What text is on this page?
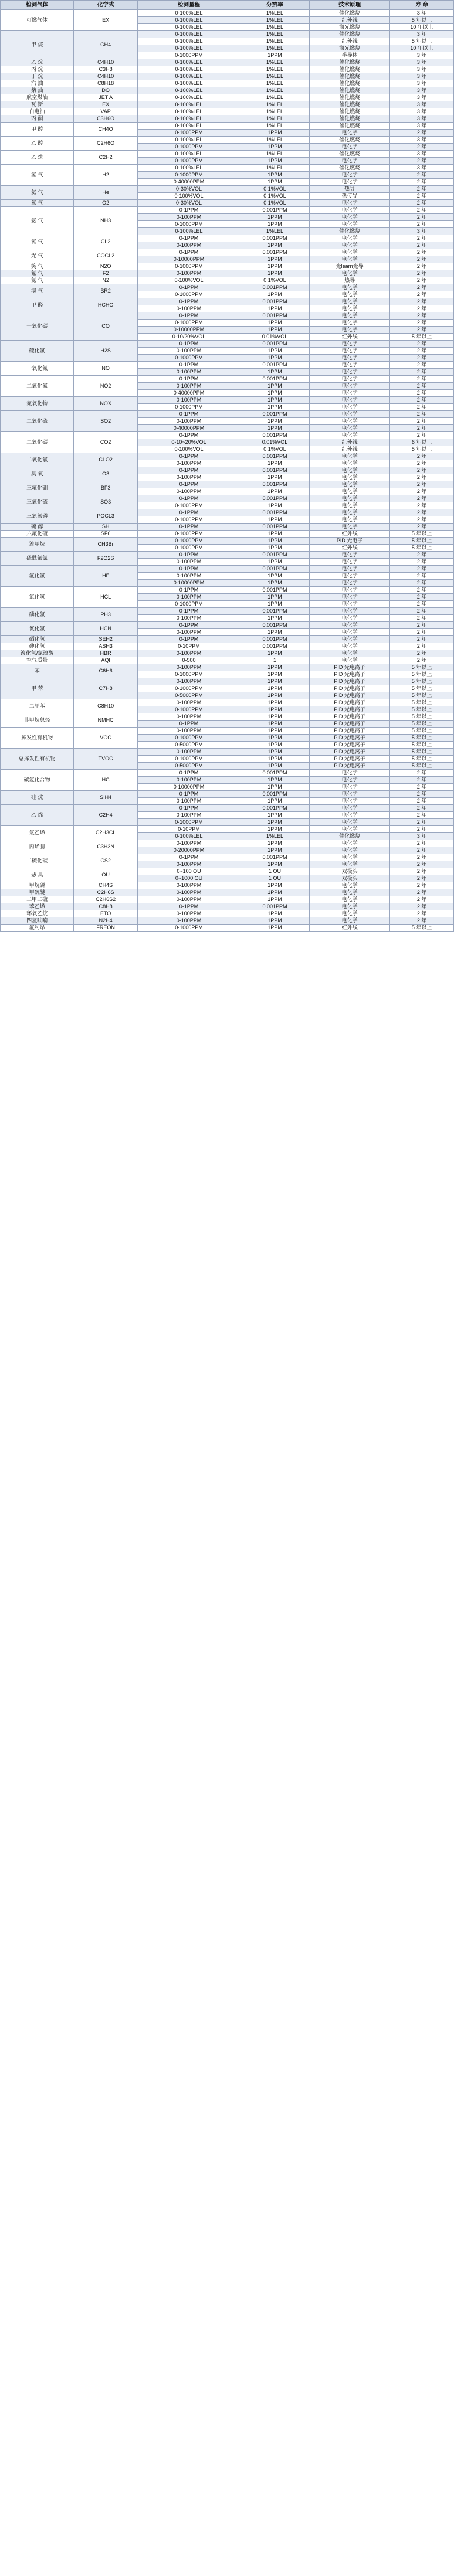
检测气体	化学式	检测量程	分辨率	技术原理	寿 命
可燃气体	EX	0-100%LEL	1%LEL	催化燃烧	3 年
		0-100%LEL	1%LEL	红外线	5 年以上
		0-100%LEL	1%LEL	激光燃烧	10 年以上
甲 烷	CH4	0-100%LEL	1%LEL	催化燃烧	3 年
		0-100%LEL	1%LEL	红外线	5 年以上
		0-100%LEL	1%LEL	激光燃烧	10 年以上
		0-1000PPM	1PPM	半导体	3 年
乙 烷	C4H10	0-100%LEL	1%LEL	催化燃烧	3 年
丙 烷	C3H8	0-100%LEL	1%LEL	催化燃烧	3 年
丁 烷	C4H10	0-100%LEL	1%LEL	催化燃烧	3 年
汽 油	C8H18	0-100%LEL	1%LEL	催化燃烧	3 年
柴 油	DO	0-100%LEL	1%LEL	催化燃烧	3 年
航空煤油	JET A	0-100%LEL	1%LEL	催化燃烧	3 年
瓦 斯	EX	0-100%LEL	1%LEL	催化燃烧	3 年
白电油	VAP	0-100%LEL	1%LEL	催化燃烧	3 年
丙 酮	C3H6O	0-100%LEL	1%LEL	催化燃烧	3 年
甲 醇	CH4O	0-100%LEL	1%LEL	催化燃烧	3 年
		0-1000PPM	1PPM	电化学	2 年
乙 醇	C2H6O	0-100%LEL	1%LEL	催化燃烧	3 年
		0-1000PPM	1PPM	电化学	2 年
乙 炔	C2H2	0-100%LEL	1%LEL	催化燃烧	3 年
		0-1000PPM	1PPM	电化学	2 年
氢 气	H2	0-100%LEL	1%LEL	催化燃烧	3 年
		0-1000PPM	1PPM	电化学	2 年
		0-40000PPM	1PPM	电化学	2 年
氦 气	He	0-30%VOL	0.1%VOL	热导	2 年
		0-100%VOL	0.1%VOL	热传导	2 年
氧 气	O2	0-30%VOL	0.1%VOL	电化学	2 年
氨 气	NH3	0-1PPM	0.001PPM	电化学	2 年
		0-100PPM	1PPM	电化学	2 年
		0-1000PPM	1PPM	电化学	2 年
		0-100%LEL	1%LEL	催化燃烧	3 年
氯 气	CL2	0-1PPM	0.001PPM	电化学	2 年
		0-100PPM	1PPM	电化学	2 年
光 气	COCL2	0-1PPM	0.001PPM	电化学	2 年
		0-10000PPM	1PPM	电化学	2 年
笑 气	N2O	0-1000PPM	1PPM	光learn光导	2 年
氟 气	F2	0-100PPM	1PPM	电化学	2 年
氮 气	N2	0-100%VOL	0.1%VOL	热导	2 年
溴 气	BR2	0-1PPM	0.001PPM	电化学	2 年
		0-1000PPM	1PPM	电化学	2 年
甲 醛	HCHO	0-1PPM	0.001PPM	电化学	2 年
		0-100PPM	1PPM	电化学	2 年
一氧化碳	CO	0-1PPM	0.001PPM	电化学	2 年
		0-1000PPM	1PPM	电化学	2 年
		0-10000PPM	1PPM	电化学	2 年
		0-10/20%VOL	0.01%VOL	红外线	5 年以上
硫化氢	H2S	0-1PPM	0.001PPM	电化学	2 年
		0-100PPM	1PPM	电化学	2 年
		0-1000PPM	1PPM	电化学	2 年
一氧化氮	NO	0-1PPM	0.001PPM	电化学	2 年
		0-100PPM	1PPM	电化学	2 年
二氧化氮	NO2	0-1PPM	0.001PPM	电化学	2 年
		0-100PPM	1PPM	电化学	2 年
		0-40000PPM	1PPM	电化学	2 年
氮氧化物	NOX	0-100PPM	1PPM	电化学	2 年
		0-1000PPM	1PPM	电化学	2 年
二氧化硫	SO2	0-1PPM	0.001PPM	电化学	2 年
		0-100PPM	1PPM	电化学	2 年
		0-40000PPM	1PPM	电化学	2 年
二氧化碳	CO2	0-1PPM	0.001PPM	电化学	2 年
		0-10~20%VOL	0.01%VOL	红外线	6 年以上
		0-100%VOL	0.1%VOL	红外线	5 年以上
二氧化氯	CLO2	0-1PPM	0.001PPM	电化学	2 年
		0-100PPM	1PPM	电化学	2 年
臭 氧	O3	0-1PPM	0.001PPM	电化学	2 年
		0-100PPM	1PPM	电化学	2 年
三氟化硼	BF3	0-1PPM	0.001PPM	电化学	2 年
		0-100PPM	1PPM	电化学	2 年
三氧化硫	SO3	0-1PPM	0.001PPM	电化学	2 年
		0-1000PPM	1PPM	电化学	2 年
三氯氧磷	POCL3	0-1PPM	0.001PPM	电化学	2 年
		0-1000PPM	1PPM	电化学	2 年
硫 醇	SH	0-1PPM	0.001PPM	电化学	2 年
六氟化硫	SF6	0-1000PPM	1PPM	红外线	5 年以上
溴甲烷	CH3Br	0-1000PPM	1PPM	PID 光电子	5 年以上
		0-1000PPM	1PPM	红外线	5 年以上
硫酰氟氯	F2O2S	0-1PPM	0.001PPM	电化学	2 年
		0-100PPM	1PPM	电化学	2 年
氟化氢	HF	0-1PPM	0.001PPM	电化学	2 年
		0-100PPM	1PPM	电化学	2 年
		0-10000PPM	1PPM	电化学	2 年
氯化氢	HCL	0-1PPM	0.001PPM	电化学	2 年
		0-100PPM	1PPM	电化学	2 年
		0-1000PPM	1PPM	电化学	2 年
磷化氢	PH3	0-1PPM	0.001PPM	电化学	2 年
		0-100PPM	1PPM	电化学	2 年
氰化氢	HCN	0-1PPM	0.001PPM	电化学	2 年
		0-100PPM	1PPM	电化学	2 年
硒化氢	SEH2	0-1PPM	0.001PPM	电化学	2 年
砷化氢	ASH3	0-10PPM	0.001PPM	电化学	2 年
溴化氢/氯溴酸	HBR	0-100PPM	1PPM	电化学	2 年
空气质量	AQI	0-500	1	电化学	2 年
苯	C6H6	0-100PPM	1PPM	PID 光电离子	5 年以上
		0-1000PPM	1PPM	PID 光电离子	5 年以上
甲 苯	C7H8	0-100PPM	1PPM	PID 光电离子	5 年以上
		0-1000PPM	1PPM	PID 光电离子	5 年以上
		0-5000PPM	1PPM	PID 光电离子	5 年以上
二甲苯	C8H10	0-100PPM	1PPM	PID 光电离子	5 年以上
		0-1000PPM	1PPM	PID 光电离子	5 年以上
非甲烷总烃	NMHC	0-100PPM	1PPM	PID 光电离子	5 年以上
		0-1PPM	1PPM	PID 光电离子	5 年以上
挥发性有机物	VOC	0-100PPM	1PPM	PID 光电离子	5 年以上
		0-1000PPM	1PPM	PID 光电离子	5 年以上
		0-5000PPM	1PPM	PID 光电离子	5 年以上
总挥发性有机物	TVOC	0-100PPM	1PPM	PID 光电离子	5 年以上
		0-1000PPM	1PPM	PID 光电离子	5 年以上
		0-5000PPM	1PPM	PID 光电离子	5 年以上
碳氢化合物	HC	0-1PPM	0.001PPM	电化学	2 年
		0-100PPM	1PPM	电化学	2 年
		0-10000PPM	1PPM	电化学	2 年
硅 烷	SIH4	0-1PPM	0.001PPM	电化学	2 年
		0-100PPM	1PPM	电化学	2 年
乙 烯	C2H4	0-1PPM	0.001PPM	电化学	2 年
		0-100PPM	1PPM	电化学	2 年
		0-1000PPM	1PPM	电化学	2 年
氯乙烯	C2H3CL	0-10PPM	1PPM	电化学	2 年
		0-100%LEL	1%LEL	催化燃烧	3 年
丙烯腈	C3H3N	0-100PPM	1PPM	电化学	2 年
		0-20000PPM	1PPM	电化学	2 年
二硫化碳	CS2	0-1PPM	0.001PPM	电化学	2 年
		0-100PPM	1PPM	电化学	2 年
恶 臭	OU	0~100 OU	1 OU	双极头	2 年
		0~1000 OU	1 OU	双极头	2 年
甲烷磷	CH4S	0-100PPM	1PPM	电化学	2 年
甲硫醚	C2H6S	0-100PPM	1PPM	电化学	2 年
二甲二硫	C2H6S2	0-100PPM	1PPM	电化学	2 年
苯乙烯	C8H8	0-1PPM	0.001PPM	电化学	2 年
环氧乙烷	ETO	0-100PPM	1PPM	电化学	2 年
四氢呋喃	N2H4	0-100PPM	1PPM	电化学	2 年
氟利昂	FREON	0-1000PPM	1PPM	红外线	5 年以上
